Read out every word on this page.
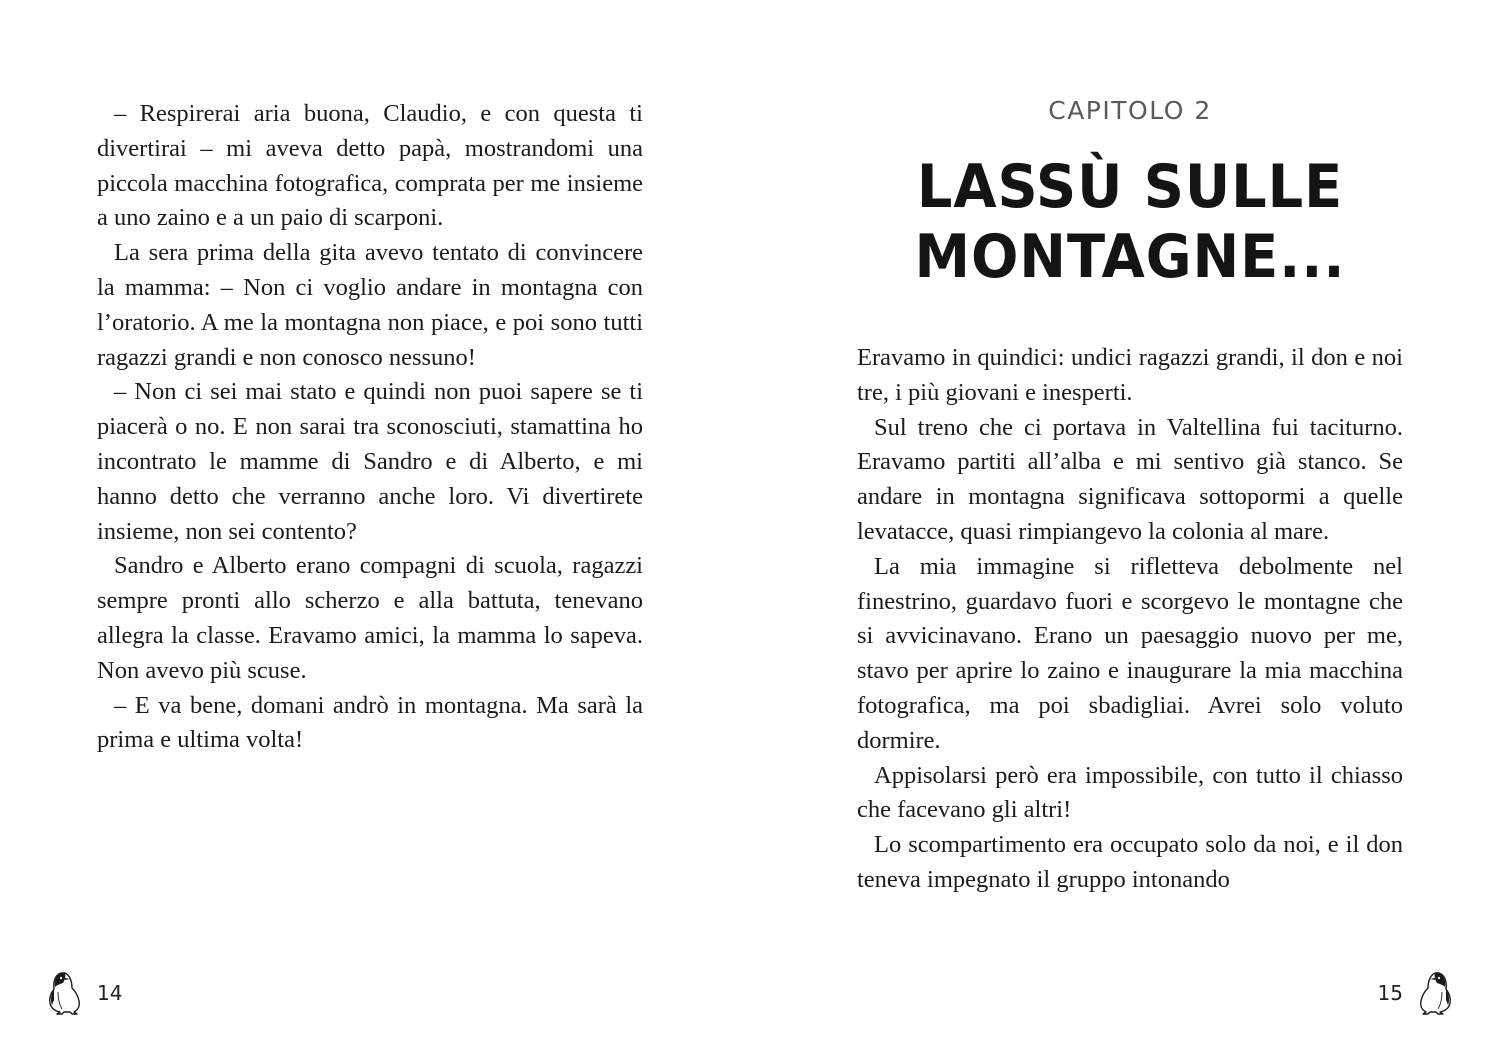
– Respirerai aria buona, Claudio, e con questa ti divertirai – mi aveva detto papà, mostrandomi una piccola macchina fotografica, comprata per me insieme a uno zaino e a un paio di scarponi.

La sera prima della gita avevo tentato di convincere la mamma: – Non ci voglio andare in montagna con l’oratorio. A me la montagna non piace, e poi sono tutti ragazzi grandi e non conosco nessuno!

– Non ci sei mai stato e quindi non puoi sapere se ti piacerà o no. E non sarai tra sconosciuti, stamattina ho incontrato le mamme di Sandro e di Alberto, e mi hanno detto che verranno anche loro. Vi divertirete insieme, non sei contento?

Sandro e Alberto erano compagni di scuola, ragazzi sempre pronti allo scherzo e alla battuta, tenevano allegra la classe. Eravamo amici, la mamma lo sapeva. Non avevo più scuse.

– E va bene, domani andrò in montagna. Ma sarà la prima e ultima volta!

14
CAPITOLO 2
LASSÙ SULLE
MONTAGNE...

Eravamo in quindici: undici ragazzi grandi, il don e noi tre, i più giovani e inesperti.

Sul treno che ci portava in Valtellina fui taciturno. Eravamo partiti all’alba e mi sentivo già stanco. Se andare in montagna significava sottopormi a quelle levatacce, quasi rimpiangevo la colonia al mare.

La mia immagine si rifletteva debolmente nel finestrino, guardavo fuori e scorgevo le montagne che si avvicinavano. Erano un paesaggio nuovo per me, stavo per aprire lo zaino e inaugurare la mia macchina fotografica, ma poi sbadigliai. Avrei solo voluto dormire.

Appisolarsi però era impossibile, con tutto il chiasso che facevano gli altri!

Lo scompartimento era occupato solo da noi, e il don teneva impegnato il gruppo intonando

15
